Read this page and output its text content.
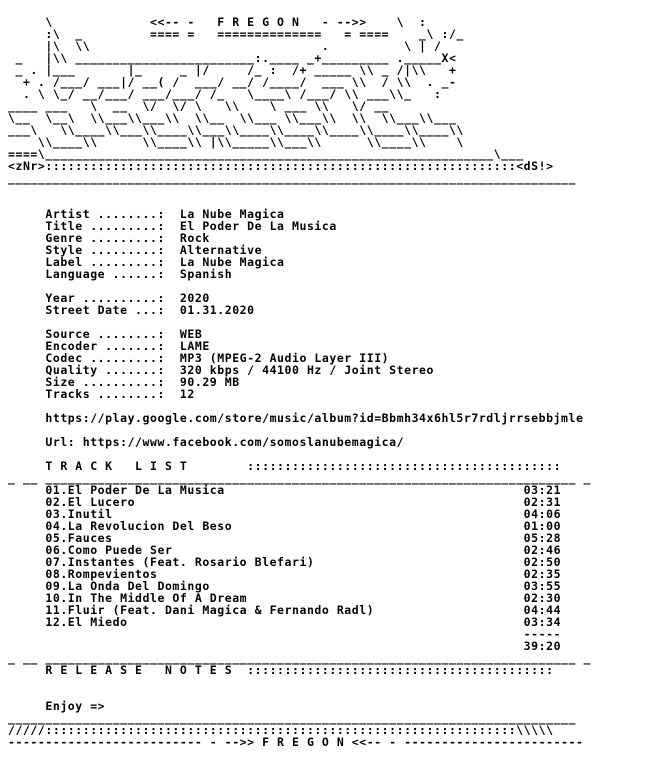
\             <<-- -   F R E G O N   - -->>    \  :
:\  _         ==== =   ==============   = ====    _\ :/_
|\  \\                               .          \ | /
_   |\\ ________________________:.____ _+_________ ._____X<
_ . |___       |_     _ |/     /_ :  /+ _____ \\ _ /|\\   +
+ . /___/ ___|/ __( /  ___/ __/ /____/  ___ \\  / \\  . _-
. \ \_/ __/___/ ___/___/ /_   \____\ /___/ \\ ___\\_   :
____ ___   \  __  \/  \/ \   \\    \ ___ \\   \/ __
\__  \__\  \\___\\___\\  \\__  \\___ \\___\\  \\  \\___\\___
___\   \\____\\___\\____\\___\\____\\____\\____\\____\\____\\
\\____\\      \\____\\ |\\_____\\___\\      \\____\\    \
====\____________________________________________________________\___
<zNr>:::::::::::::::::::::::::::::::::::::::::::::::::::::::::::::::<dS!>
____________________________________________________________________________
Artist ........:  La Nube Magica
Title .........:  El Poder De La Musica
Genre .........:  Rock
Style .........:  Alternative
Label .........:  La Nube Magica
Language ......:  Spanish
Year ..........:  2020
Street Date ...:  01.31.2020
Source ........:  WEB
Encoder .......:  LAME
Codec .........:  MP3 (MPEG-2 Audio Layer III)
Quality .......:  320 kbps / 44100 Hz / Joint Stereo
Size ..........:  90.29 MB
Tracks ........:  12
https://play.google.com/store/music/album?id=Bbmh34x6hl5r7rdljrrsebbjmle
Url: https://www.facebook.com/somoslanubemagica/
T R A C K   L I S T        ::::::::::::::::::::::::::::::::::::::::::
_ __ _______________________________________________________________________ _
01.El Poder De La Musica                                        03:21
02.El Lucero                                                    02:31
03.Inutil                                                       04:06
04.La Revolucion Del Beso                                       01:00
05.Fauces                                                       05:28
06.Como Puede Ser                                               02:46
07.Instantes (Feat. Rosario Blefari)                            02:50
08.Rompevientos                                                 02:35
09.La Onda Del Domingo                                          03:55
10.In The Middle Of A Dream                                     02:30
11.Fluir (Feat. Dani Magica & Fernando Radl)                    04:44
12.El Miedo                                                     03:34
-----
39:20
_ __ _______________________________________________________________________ _
R E L E A S E   N O T E S  :::::::::::::::::::::::::::::::::::::::::
Enjoy =>
____________________________________________________________________________
/////:::::::::::::::::::::::::::::::::::::::::::::::::::::::::::::::\\\\\
-------------------------- - -->> F R E G O N <<-- - ------------------------
